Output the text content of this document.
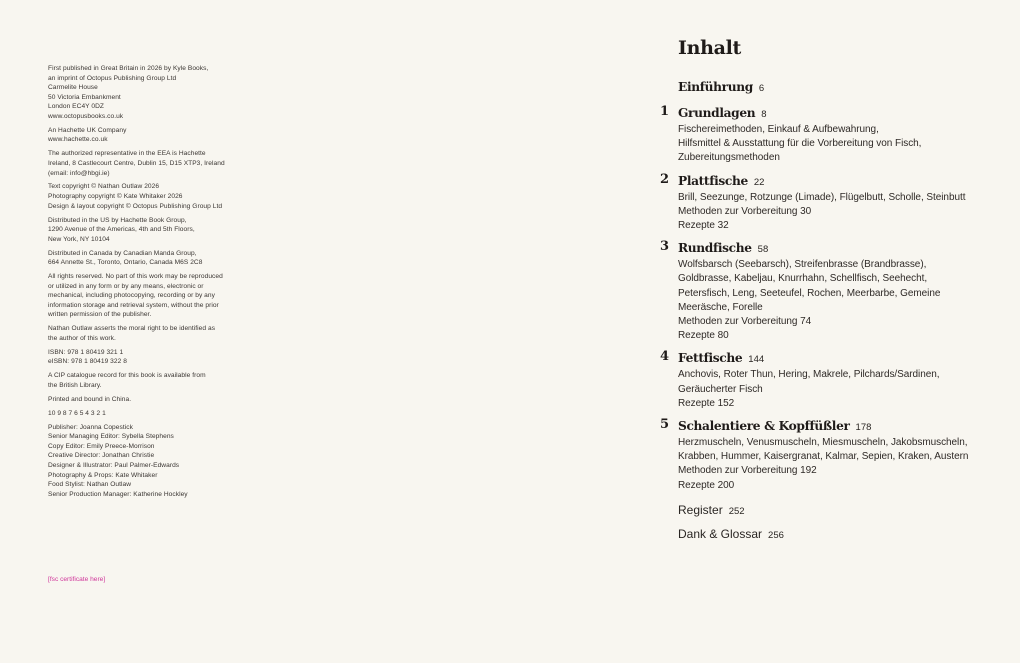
First published in Great Britain in 2026 by Kyle Books,
an imprint of Octopus Publishing Group Ltd
Carmelite House
50 Victoria Embankment
London EC4Y 0DZ
www.octopusbooks.co.uk
An Hachette UK Company
www.hachette.co.uk
The authorized representative in the EEA is Hachette
Ireland, 8 Castlecourt Centre, Dublin 15, D15 XTP3, Ireland
(email: info@hbgi.ie)
Text copyright © Nathan Outlaw 2026
Photography copyright © Kate Whitaker 2026
Design & layout copyright © Octopus Publishing Group Ltd
Distributed in the US by Hachette Book Group,
1290 Avenue of the Americas, 4th and 5th Floors,
New York, NY 10104
Distributed in Canada by Canadian Manda Group,
664 Annette St., Toronto, Ontario, Canada M6S 2C8
All rights reserved. No part of this work may be reproduced
or utilized in any form or by any means, electronic or
mechanical, including photocopying, recording or by any
information storage and retrieval system, without the prior
written permission of the publisher.
Nathan Outlaw asserts the moral right to be identified as
the author of this work.
ISBN: 978 1 80419 321 1
eISBN: 978 1 80419 322 8
A CIP catalogue record for this book is available from
the British Library.
Printed and bound in China.
10 9 8 7 6 5 4 3 2 1
Publisher: Joanna Copestick
Senior Managing Editor: Sybella Stephens
Copy Editor: Emily Preece-Morrison
Creative Director: Jonathan Christie
Designer & Illustrator: Paul Palmer-Edwards
Photography & Props: Kate Whitaker
Food Stylist: Nathan Outlaw
Senior Production Manager: Katherine Hockley
[fsc certificate here]
Inhalt
Einführung 6
1 Grundlagen 8
Fischereimethoden, Einkauf & Aufbewahrung,
Hilfsmittel & Ausstattung für die Vorbereitung von Fisch,
Zubereitungsmethoden
2 Plattfische 22
Brill, Seezunge, Rotzunge (Limade), Flügelbutt, Scholle, Steinbutt
Methoden zur Vorbereitung 30
Rezepte 32
3 Rundfische 58
Wolfsbarsch (Seebarsch), Streifenbrasse (Brandbrasse),
Goldbrasse, Kabeljau, Knurrhahn, Schellfisch, Seehecht,
Petersfisch, Leng, Seeteufel, Rochen, Meerbarbe, Gemeine
Meeräsche, Forelle
Methoden zur Vorbereitung 74
Rezepte 80
4 Fettfische 144
Anchovis, Roter Thun, Hering, Makrele, Pilchards/Sardinen,
Geräucherter Fisch
Rezepte 152
5 Schalentiere & Kopffüßler 178
Herzmuscheln, Venusmuscheln, Miesmuscheln, Jakobsmuscheln,
Krabben, Hummer, Kaisergranat, Kalmar, Sepien, Kraken, Austern
Methoden zur Vorbereitung 192
Rezepte 200
Register 252
Dank & Glossar 256
